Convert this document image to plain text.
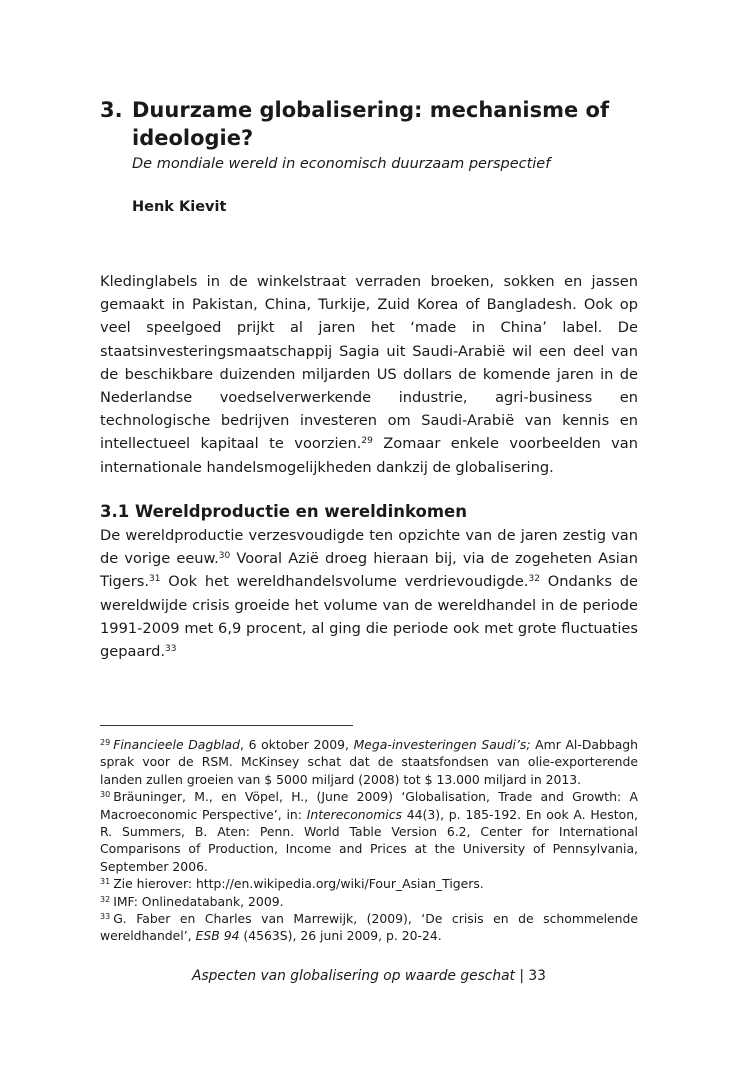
3. Duurzame globalisering: mechanisme of
ideologie?
De mondiale wereld in economisch duurzaam perspectief
Henk Kievit

Kledinglabels in de winkelstraat verraden broeken, sokken en jassen gemaakt in Pakistan, China, Turkije, Zuid Korea of Bangladesh. Ook op veel speelgoed prijkt al jaren het ‘made in China’ label. De staatsinvesteringsmaatschappij Sagia uit Saudi-Arabië wil een deel van de beschikbare duizenden miljarden US dollars de komende jaren in de Nederlandse voedselverwerkende industrie, agri-business en technologische bedrijven investeren om Saudi-Arabië van kennis en intellectueel kapitaal te voorzien.$^{29}$ Zomaar enkele voorbeelden van internationale handelsmogelijkheden dankzij de globalisering.

3.1 Wereldproductie en wereldinkomen

De wereldproductie verzesvoudigde ten opzichte van de jaren zestig van de vorige eeuw.$^{30}$ Vooral Azië droeg hieraan bij, via de zogeheten Asian Tigers.$^{31}$ Ook het wereldhandelsvolume verdrievoudigde.$^{32}$ Ondanks de wereldwijde crisis groeide het volume van de wereldhandel in de periode 1991-2009 met 6,9 procent, al ging die periode ook met grote fluctuaties gepaard.$^{33}$

$^{29}$ Financieele Dagblad, 6 oktober 2009, Mega-investeringen Saudi’s; Amr Al-Dabbagh sprak voor de RSM. McKinsey schat dat de staatsfondsen van olie-exporterende landen zullen groeien van $ 5000 miljard (2008) tot $ 13.000 miljard in 2013.
$^{30}$ Bräuninger, M., en Vöpel, H., (June 2009) ‘Globalisation, Trade and Growth: A Macroeconomic Perspective’, in: Intereconomics 44(3), p. 185-192. En ook A. Heston, R. Summers, B. Aten: Penn. World Table Version 6.2, Center for International Comparisons of Production, Income and Prices at the University of Pennsylvania, September 2006.
$^{31}$ Zie hierover: http://en.wikipedia.org/wiki/Four_Asian_Tigers.
$^{32}$ IMF: Onlinedatabank, 2009.
$^{33}$ G. Faber en Charles van Marrewijk, (2009), ‘De crisis en de schommelende wereldhandel’, ESB 94 (4563S), 26 juni 2009, p. 20-24.
Aspecten van globalisering op waarde geschat | 33
